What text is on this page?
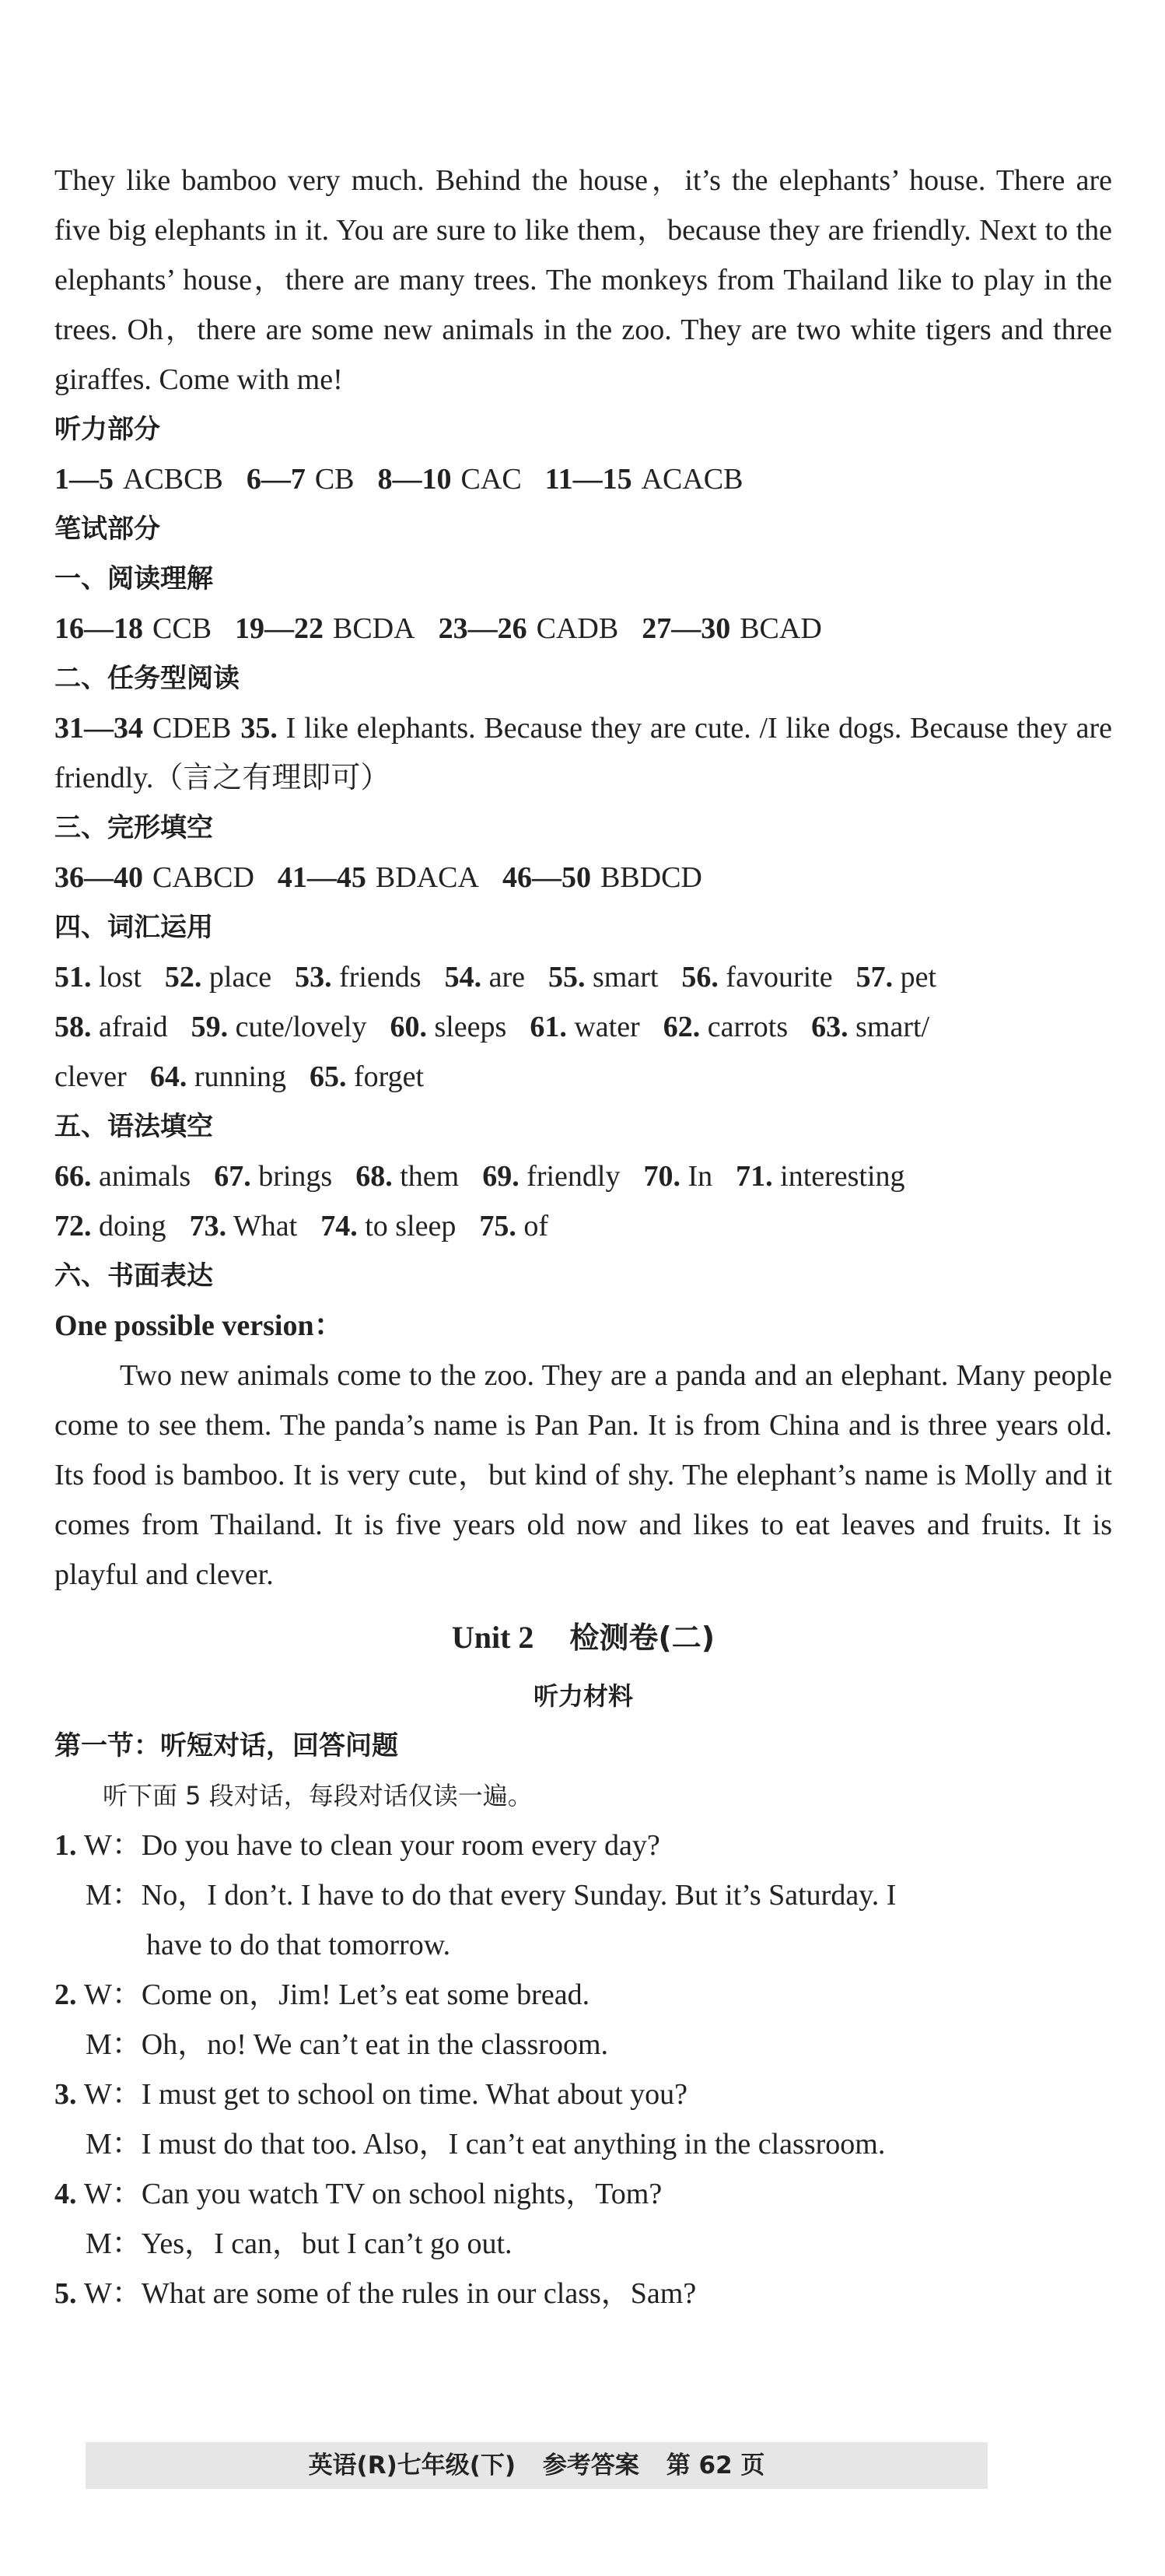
They like bamboo very much. Behind the house，it’s the elephants’ house. There are five big elephants in it. You are sure to like them，because they are friendly. Next to the elephants’ house，there are many trees. The monkeys from Thailand like to play in the trees. Oh，there are some new animals in the zoo. They are two white tigers and three giraffes. Come with me!

听力部分

1—5 ACBCB 6—7 CB 8—10 CAC 11—15 ACACB

笔试部分

一、阅读理解

16—18 CCB 19—22 BCDA 23—26 CADB 27—30 BCAD

二、任务型阅读

31—34 CDEB 35. I like elephants. Because they are cute. /I like dogs. Because they are friendly.（言之有理即可）

三、完形填空

36—40 CABCD 41—45 BDACA 46—50 BBDCD

四、词汇运用

51. lost 52. place 53. friends 54. are 55. smart 56. favourite 57. pet

58. afraid 59. cute/lovely 60. sleeps 61. water 62. carrots 63. smart/

clever 64. running 65. forget

五、语法填空

66. animals 67. brings 68. them 69. friendly 70. In 71. interesting

72. doing 73. What 74. to sleep 75. of

六、书面表达

One possible version：

Two new animals come to the zoo. They are a panda and an elephant. Many people come to see them. The panda’s name is Pan Pan. It is from China and is three years old. Its food is bamboo. It is very cute，but kind of shy. The elephant’s name is Molly and it comes from Thailand. It is five years old now and likes to eat leaves and fruits. It is playful and clever.

Unit 2 检测卷(二)

听力材料

第一节：听短对话，回答问题

听下面 5 段对话，每段对话仅读一遍。

1. W：Do you have to clean your room every day?

M：No，I don’t. I have to do that every Sunday. But it’s Saturday. I

have to do that tomorrow.

2. W：Come on，Jim! Let’s eat some bread.

M：Oh，no! We can’t eat in the classroom.

3. W：I must get to school on time. What about you?

M：I must do that too. Also，I can’t eat anything in the classroom.

4. W：Can you watch TV on school nights，Tom?

M：Yes，I can，but I can’t go out.

5. W：What are some of the rules in our class，Sam?

英语(R)七年级(下) 参考答案 第 62 页
